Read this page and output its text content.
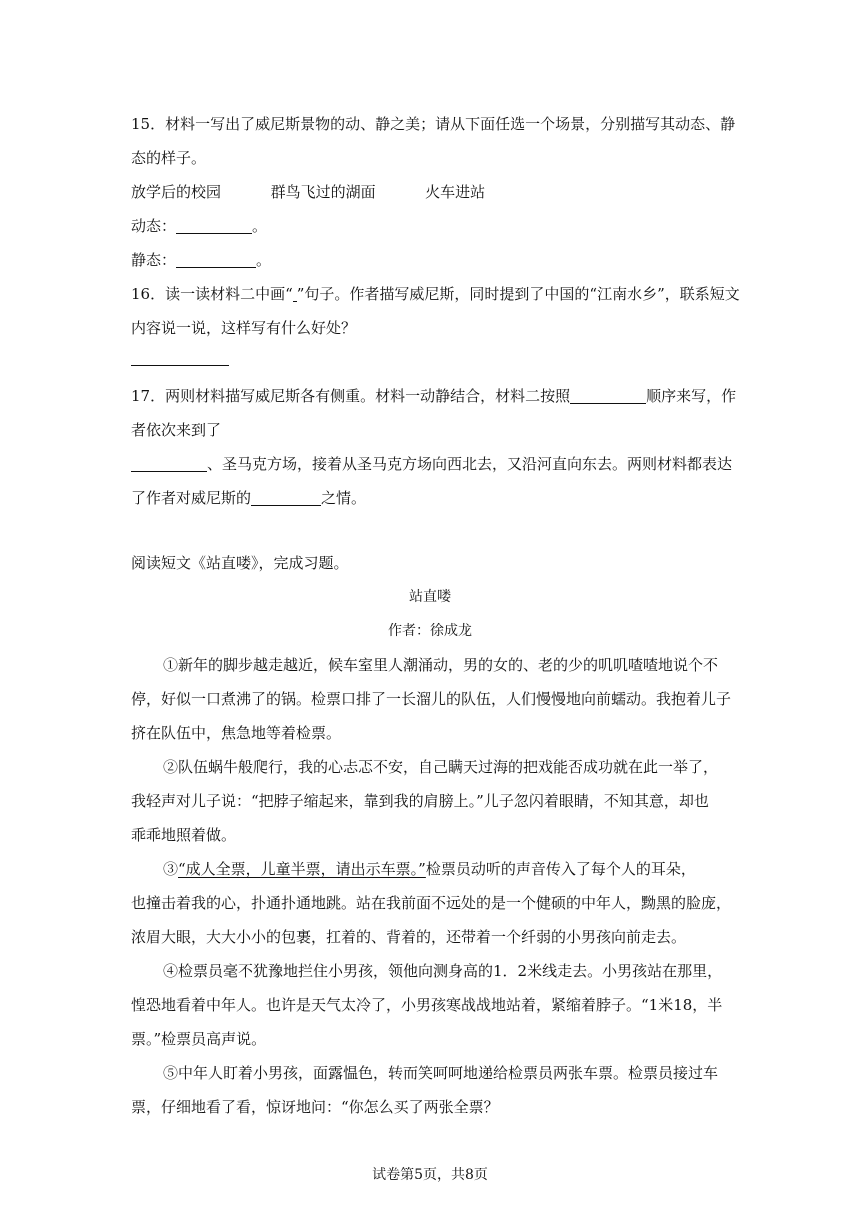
15．材料一写出了威尼斯景物的动、静之美；请从下面任选一个场景，分别描写其动态、静
态的样子。
放学后的校园	群鸟飞过的湖面	火车进站
动态：	。
静态：	。
16．读一读材料二中画“ ”句子。作者描写威尼斯，同时提到了中国的“江南水乡”，联系短文
内容说一说，这样写有什么好处？
17．两则材料描写威尼斯各有侧重。材料一动静结合，材料二按照	顺序来写，作
者依次来到了
、圣马克方场，接着从圣马克方场向西北去，又沿河直向东去。两则材料都表达
了作者对威尼斯的	之情。
阅读短文《站直喽》，完成习题。
站直喽
作者：徐成龙
①新年的脚步越走越近，候车室里人潮涌动，男的女的、老的少的叽叽喳喳地说个不
停，好似一口煮沸了的锅。检票口排了一长溜儿的队伍，人们慢慢地向前蠕动。我抱着儿子
挤在队伍中，焦急地等着检票。
②队伍蜗牛般爬行，我的心忐忑不安，自己瞒天过海的把戏能否成功就在此一举了，
我轻声对儿子说：“把脖子缩起来，靠到我的肩膀上。”儿子忽闪着眼睛，不知其意，却也
乖乖地照着做。
③“成人全票，儿童半票，请出示车票。”检票员动听的声音传入了每个人的耳朵，
也撞击着我的心，扑通扑通地跳。站在我前面不远处的是一个健硕的中年人，黝黑的脸庞，
浓眉大眼，大大小小的包裹，扛着的、背着的，还带着一个纤弱的小男孩向前走去。
④检票员毫不犹豫地拦住小男孩，领他向测身高的1．2米线走去。小男孩站在那里，
惶恐地看着中年人。也许是天气太冷了，小男孩寒战战地站着，紧缩着脖子。“1米18，半
票。”检票员高声说。
⑤中年人盯着小男孩，面露愠色，转而笑呵呵地递给检票员两张车票。检票员接过车
票，仔细地看了看，惊讶地问：“你怎么买了两张全票？
试卷第5页，共8页
